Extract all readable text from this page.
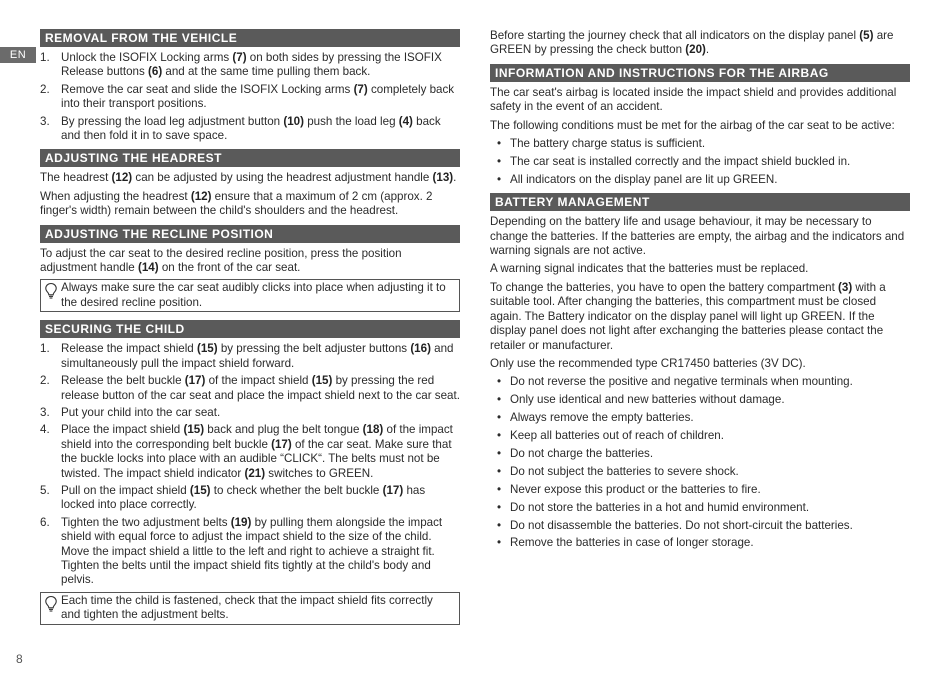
EN
8
REMOVAL FROM THE VEHICLE
1. Unlock the ISOFIX Locking arms (7) on both sides by pressing the ISOFIX Release buttons (6) and at the same time pulling them back.
2. Remove the car seat and slide the ISOFIX Locking arms (7) completely back into their transport positions.
3. By pressing the load leg adjustment button (10) push the load leg (4) back and then fold it in to save space.
ADJUSTING THE HEADREST

The headrest (12) can be adjusted by using the headrest adjustment handle (13).

When adjusting the headrest (12) ensure that a maximum of 2 cm (approx. 2 finger's width) remain between the child's shoulders and the headrest.

ADJUSTING THE RECLINE POSITION

To adjust the car seat to the desired recline position, press the position adjustment handle (14) on the front of the car seat.

Always make sure the car seat audibly clicks into place when adjusting it to the desired recline position.
SECURING THE CHILD
1. Release the impact shield (15) by pressing the belt adjuster buttons (16) and simultaneously pull the impact shield forward.
2. Release the belt buckle (17) of the impact shield (15) by pressing the red release button of the car seat and place the impact shield next to the car seat.
3. Put your child into the car seat.
4. Place the impact shield (15) back and plug the belt tongue (18) of the impact shield into the corresponding belt buckle (17) of the car seat. Make sure that the buckle locks into place with an audible “CLICK“. The belts must not be twisted. The impact shield indicator (21) switches to GREEN.
5. Pull on the impact shield (15) to check whether the belt buckle (17) has locked into place correctly.
6. Tighten the two adjustment belts (19) by pulling them alongside the impact shield with equal force to adjust the impact shield to the size of the child. Move the impact shield a little to the left and right to achieve a straight fit. Tighten the belts until the impact shield fits tightly at the child's body and pelvis.
Each time the child is fastened, check that the impact shield fits correctly and tighten the adjustment belts.

Before starting the journey check that all indicators on the display panel (5) are GREEN by pressing the check button (20).

INFORMATION AND INSTRUCTIONS FOR THE AIRBAG

The car seat's airbag is located inside the impact shield and provides additional safety in the event of an accident.

The following conditions must be met for the airbag of the car seat to be active:

• The battery charge status is sufficient.
• The car seat is installed correctly and the impact shield buckled in.
• All indicators on the display panel are lit up GREEN.
BATTERY MANAGEMENT

Depending on the battery life and usage behaviour, it may be necessary to change the batteries. If the batteries are empty, the airbag and the indicators and warning signals are not active.

A warning signal indicates that the batteries must be replaced.

To change the batteries, you have to open the battery compartment (3) with a suitable tool. After changing the batteries, this compartment must be closed again. The Battery indicator on the display panel will light up GREEN. If the display panel does not light after exchanging the batteries please contact the retailer or manufacturer.

Only use the recommended type CR17450 batteries (3V DC).

• Do not reverse the positive and negative terminals when mounting.
• Only use identical and new batteries without damage.
• Always remove the empty batteries.
• Keep all batteries out of reach of children.
• Do not charge the batteries.
• Do not subject the batteries to severe shock.
• Never expose this product or the batteries to fire.
• Do not store the batteries in a hot and humid environment.
• Do not disassemble the batteries. Do not short-circuit the batteries.
• Remove the batteries in case of longer storage.
